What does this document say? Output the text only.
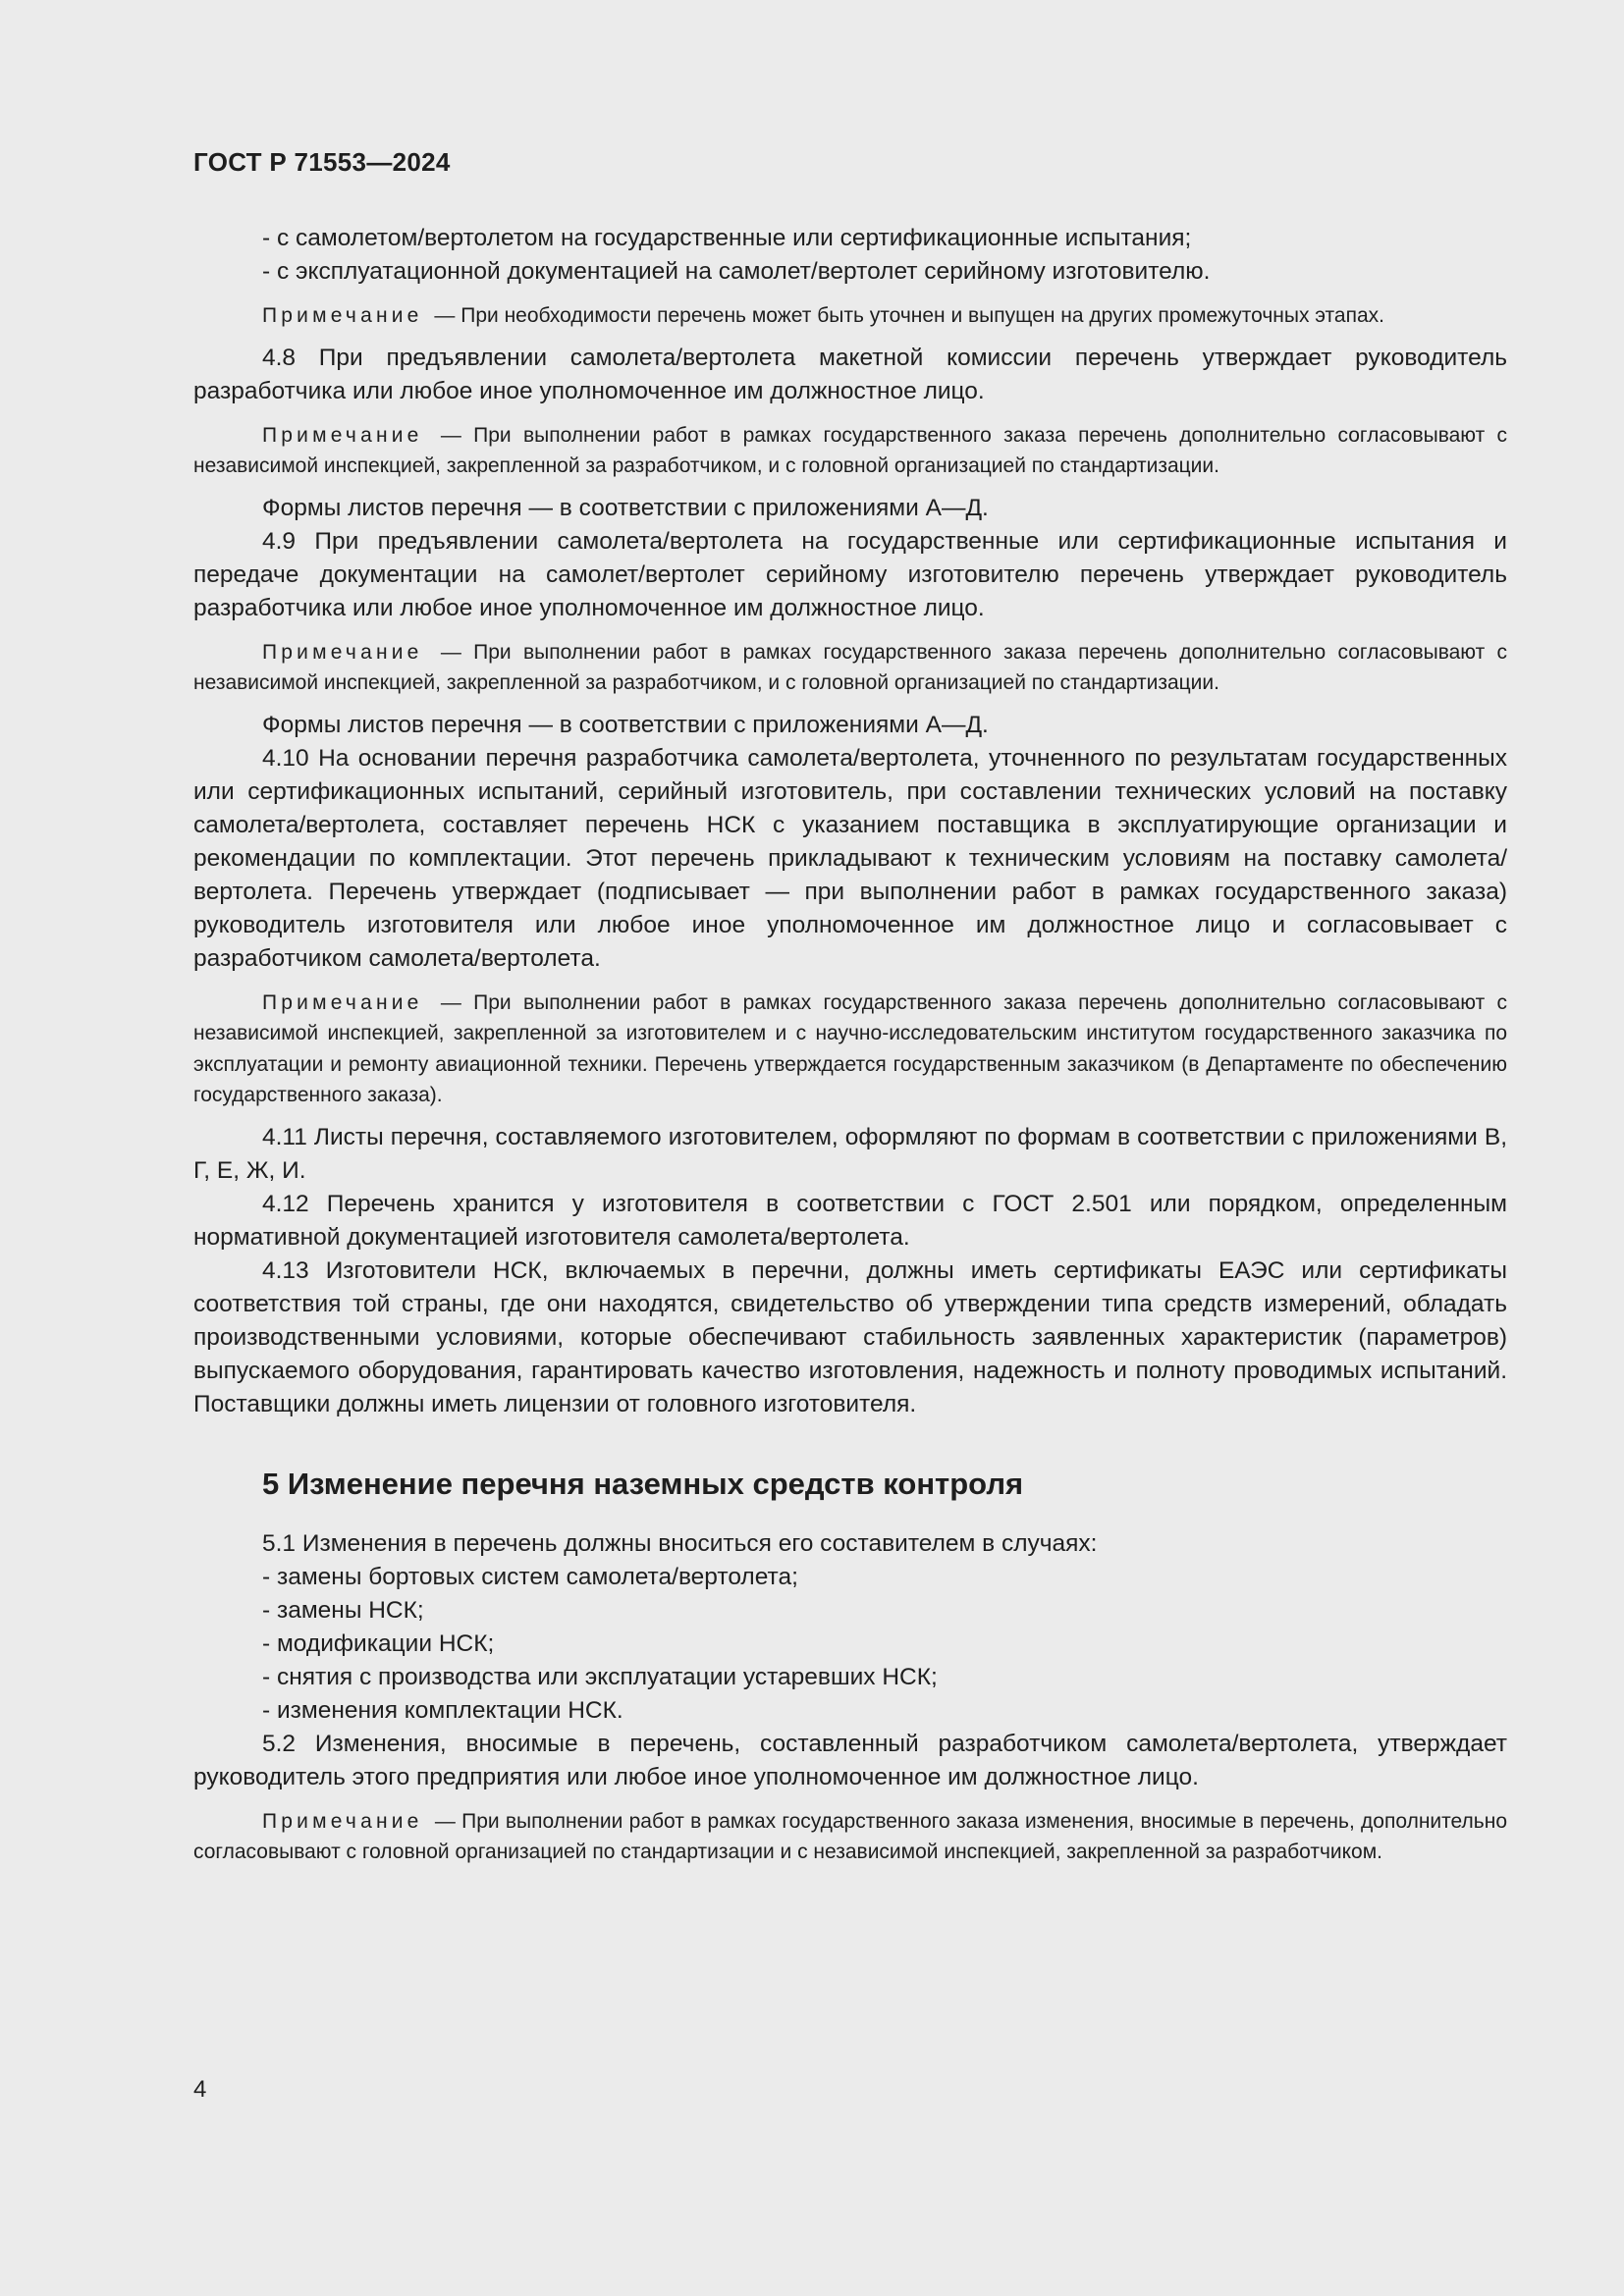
ГОСТ Р 71553—2024

- с самолетом/вертолетом на государственные или сертификационные испытания;

- с эксплуатационной документацией на самолет/вертолет серийному изготовителю.

Примечание — При необходимости перечень может быть уточнен и выпущен на других промежуточных этапах.

4.8 При предъявлении самолета/вертолета макетной комиссии перечень утверждает руководитель разработчика или любое иное уполномоченное им должностное лицо.

Примечание — При выполнении работ в рамках государственного заказа перечень дополнительно согласовывают с независимой инспекцией, закрепленной за разработчиком, и с головной организацией по стандартизации.

Формы листов перечня — в соответствии с приложениями А—Д.

4.9 При предъявлении самолета/вертолета на государственные или сертификационные испытания и передаче документации на самолет/вертолет серийному изготовителю перечень утверждает руководитель разработчика или любое иное уполномоченное им должностное лицо.

Примечание — При выполнении работ в рамках государственного заказа перечень дополнительно согласовывают с независимой инспекцией, закрепленной за разработчиком, и с головной организацией по стандартизации.

Формы листов перечня — в соответствии с приложениями А—Д.

4.10 На основании перечня разработчика самолета/вертолета, уточненного по результатам государственных или сертификационных испытаний, серийный изготовитель, при составлении технических условий на поставку самолета/вертолета, составляет перечень НСК с указанием поставщика в эксплуатирующие организации и рекомендации по комплектации. Этот перечень прикладывают к техническим условиям на поставку самолета/вертолета. Перечень утверждает (подписывает — при выполнении работ в рамках государственного заказа) руководитель изготовителя или любое иное уполномоченное им должностное лицо и согласовывает с разработчиком самолета/вертолета.

Примечание — При выполнении работ в рамках государственного заказа перечень дополнительно согласовывают с независимой инспекцией, закрепленной за изготовителем и с научно-исследовательским институтом государственного заказчика по эксплуатации и ремонту авиационной техники. Перечень утверждается государственным заказчиком (в Департаменте по обеспечению государственного заказа).

4.11 Листы перечня, составляемого изготовителем, оформляют по формам в соответствии с приложениями В, Г, Е, Ж, И.

4.12 Перечень хранится у изготовителя в соответствии с ГОСТ 2.501 или порядком, определенным нормативной документацией изготовителя самолета/вертолета.

4.13 Изготовители НСК, включаемых в перечни, должны иметь сертификаты ЕАЭС или сертификаты соответствия той страны, где они находятся, свидетельство об утверждении типа средств измерений, обладать производственными условиями, которые обеспечивают стабильность заявленных характеристик (параметров) выпускаемого оборудования, гарантировать качество изготовления, надежность и полноту проводимых испытаний. Поставщики должны иметь лицензии от головного изготовителя.

5 Изменение перечня наземных средств контроля

5.1 Изменения в перечень должны вноситься его составителем в случаях:

- замены бортовых систем самолета/вертолета;

- замены НСК;

- модификации НСК;

- снятия с производства или эксплуатации устаревших НСК;

- изменения комплектации НСК.

5.2 Изменения, вносимые в перечень, составленный разработчиком самолета/вертолета, утверждает руководитель этого предприятия или любое иное уполномоченное им должностное лицо.

Примечание — При выполнении работ в рамках государственного заказа изменения, вносимые в перечень, дополнительно согласовывают с головной организацией по стандартизации и с независимой инспекцией, закрепленной за разработчиком.

4
